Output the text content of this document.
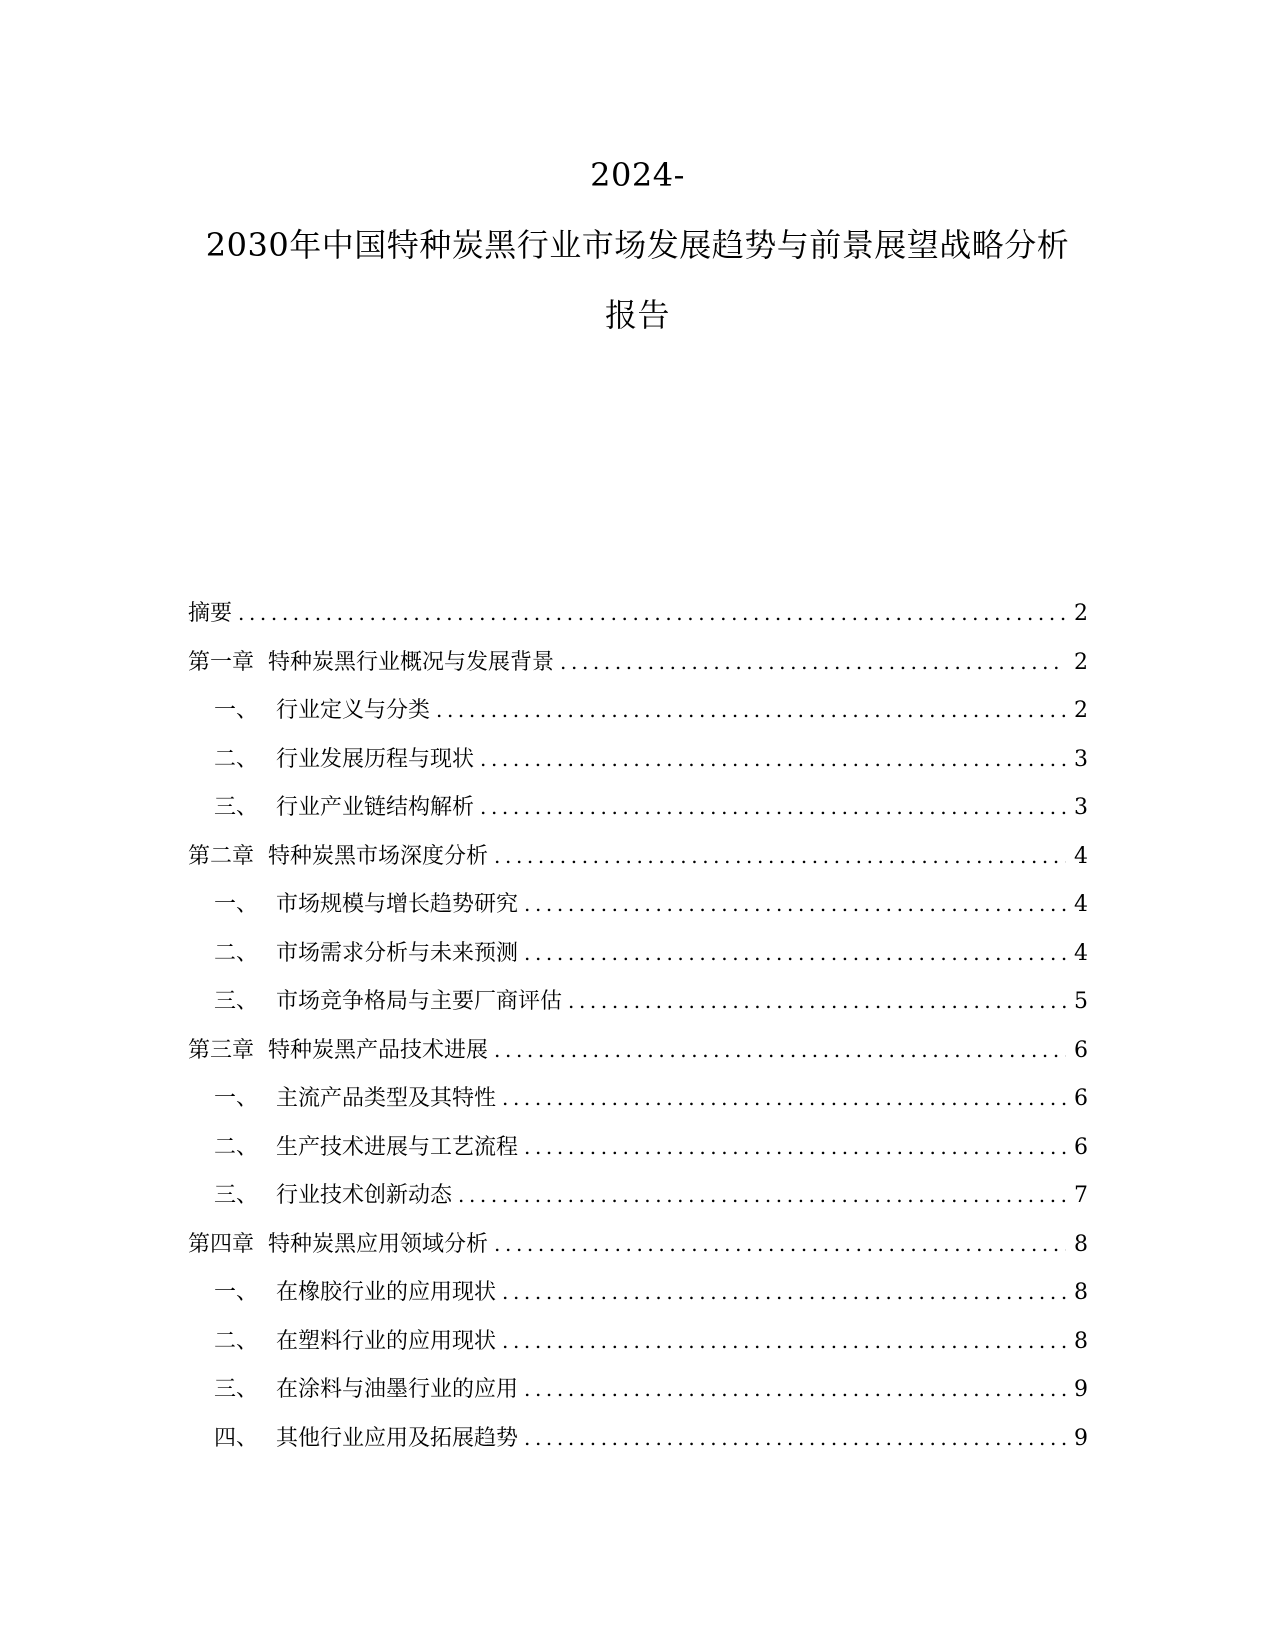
2024-
2030年中国特种炭黑行业市场发展趋势与前景展望战略分析
报告
摘要 .....	2
第一章 特种炭黑行业概况与发展背景 .....	2
一、 行业定义与分类 .....	2
二、 行业发展历程与现状 .....	3
三、 行业产业链结构解析 .....	3
第二章 特种炭黑市场深度分析 .....	4
一、 市场规模与增长趋势研究 .....	4
二、 市场需求分析与未来预测 .....	4
三、 市场竞争格局与主要厂商评估 .....	5
第三章 特种炭黑产品技术进展 .....	6
一、 主流产品类型及其特性 .....	6
二、 生产技术进展与工艺流程 .....	6
三、 行业技术创新动态 .....	7
第四章 特种炭黑应用领域分析 .....	8
一、 在橡胶行业的应用现状 .....	8
二、 在塑料行业的应用现状 .....	8
三、 在涂料与油墨行业的应用 .....	9
四、 其他行业应用及拓展趋势 .....	9
